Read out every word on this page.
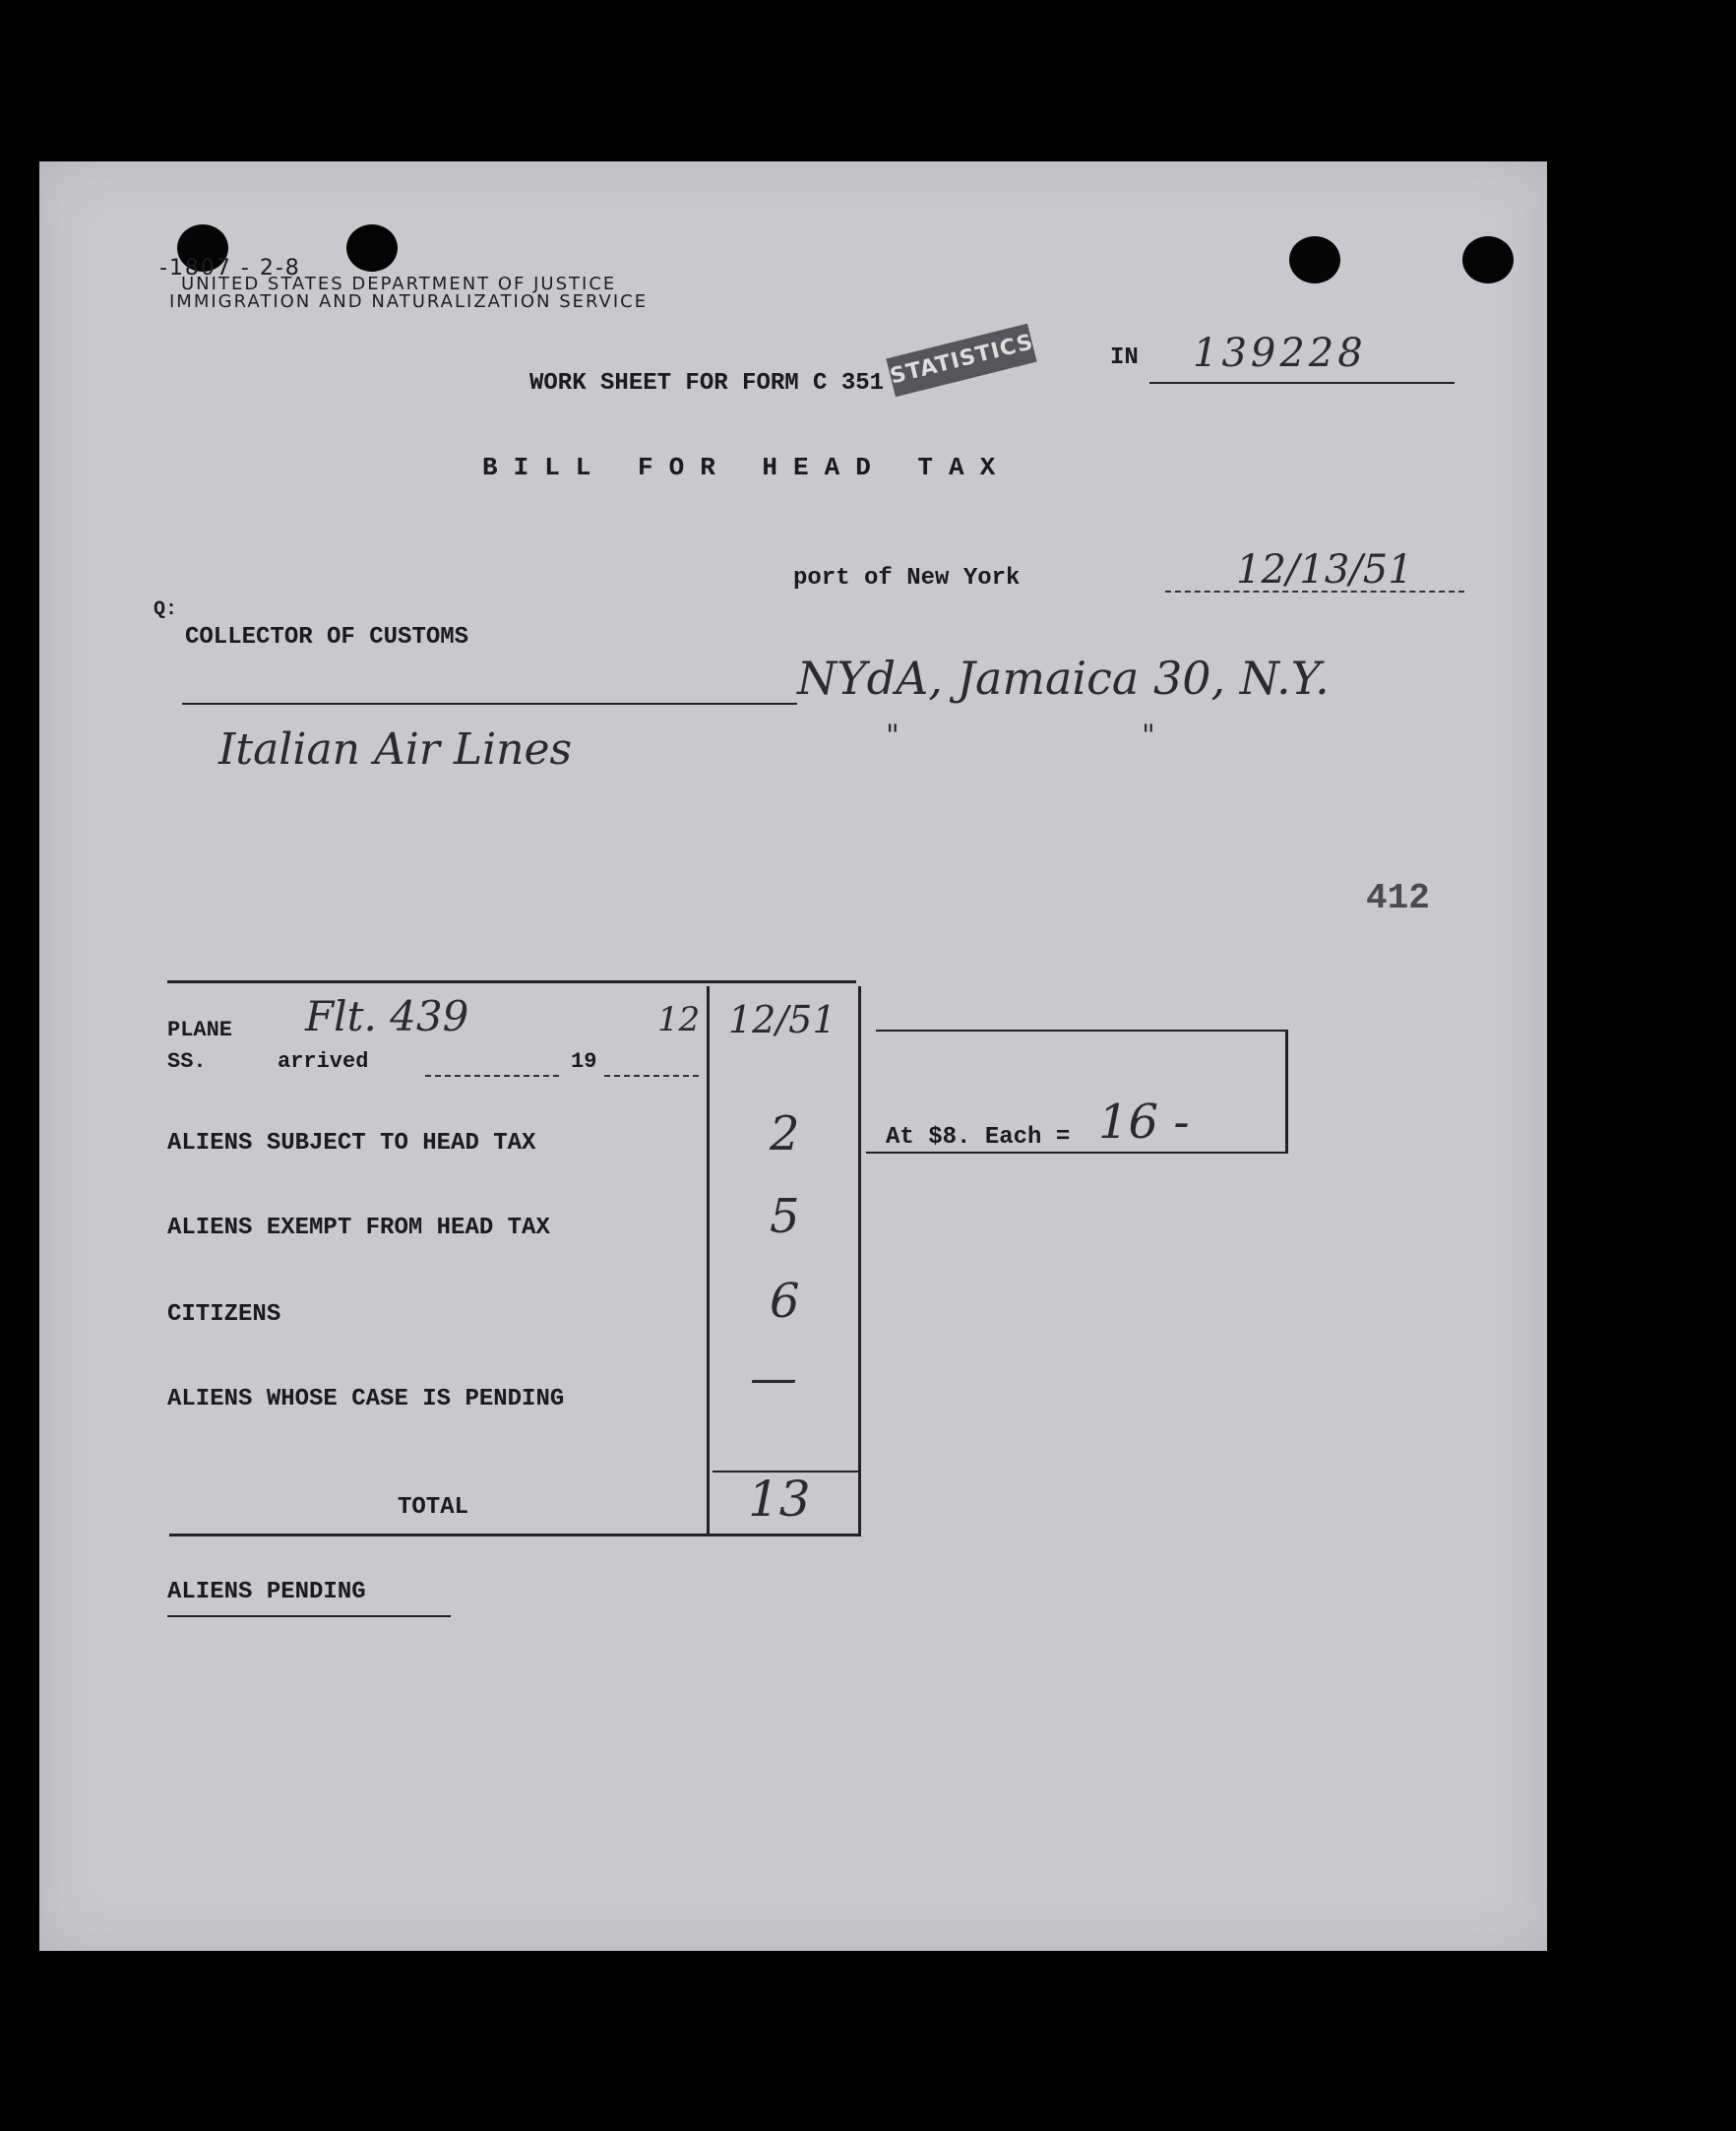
-1807 - 2-8
UNITED STATES DEPARTMENT OF JUSTICE
IMMIGRATION AND NATURALIZATION SERVICE
WORK SHEET FOR FORM C 351 STATISTICS	IN 139228
BILL FOR HEAD TAX
port of New York	12/13/51
Q:
COLLECTOR OF CUSTOMS
NYdA, Jamaica 30, N.Y.
Italian Air Lines	"	"
412
PLANE Flt. 439	12 12/51
SS.	arrived	19
ALIENS SUBJECT TO HEAD TAX	2
ALIENS EXEMPT FROM HEAD TAX	5
CITIZENS	6
ALIENS WHOSE CASE IS PENDING	—
TOTAL	13
At $8. Each = 16 -
ALIENS PENDING
